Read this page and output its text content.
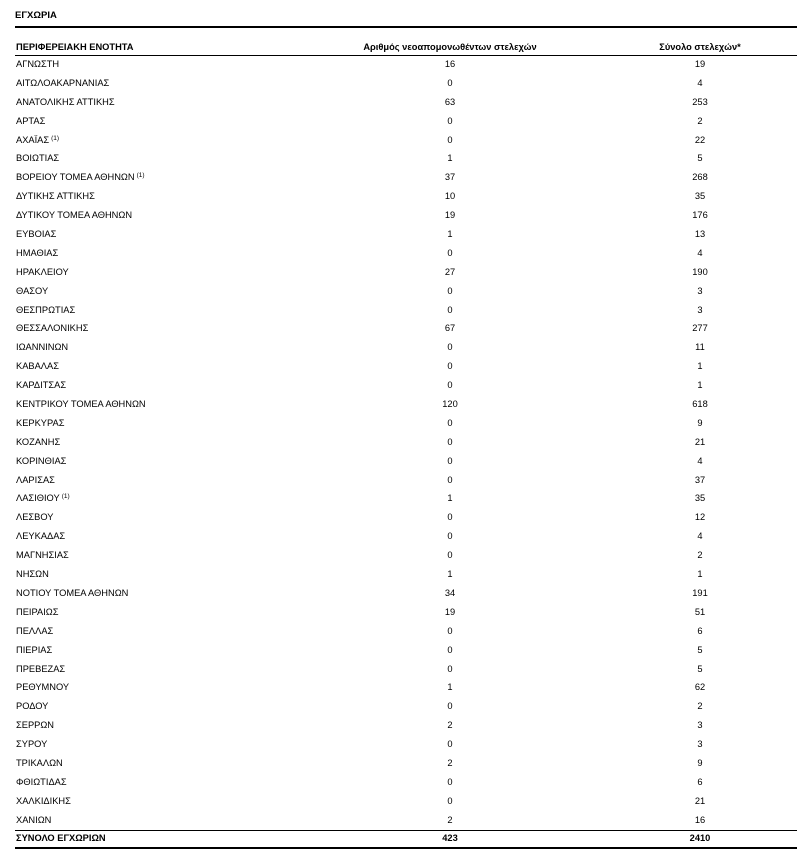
ΕΓΧΩΡΙΑ
ΠΕΡΙΦΕΡΕΙΑΚΗ ΕΝΟΤΗΤΑ	Αριθμός νεοαπομονωθέντων στελεχών	Σύνολο στελεχών*
ΑΓΝΩΣΤΗ	16	19
ΑΙΤΩΛΟΑΚΑΡΝΑΝΙΑΣ	0	4
ΑΝΑΤΟΛΙΚΗΣ ΑΤΤΙΚΗΣ	63	253
ΑΡΤΑΣ	0	2
ΑΧΑΪΑΣ $^{(1)}$	0	22
ΒΟΙΩΤΙΑΣ	1	5
ΒΟΡΕΙΟΥ ΤΟΜΕΑ ΑΘΗΝΩΝ $^{(1)}$	37	268
ΔΥΤΙΚΗΣ ΑΤΤΙΚΗΣ	10	35
ΔΥΤΙΚΟΥ ΤΟΜΕΑ ΑΘΗΝΩΝ	19	176
ΕΥΒΟΙΑΣ	1	13
ΗΜΑΘΙΑΣ	0	4
ΗΡΑΚΛΕΙΟΥ	27	190
ΘΑΣΟΥ	0	3
ΘΕΣΠΡΩΤΙΑΣ	0	3
ΘΕΣΣΑΛΟΝΙΚΗΣ	67	277
ΙΩΑΝΝΙΝΩΝ	0	11
ΚΑΒΑΛΑΣ	0	1
ΚΑΡΔΙΤΣΑΣ	0	1
ΚΕΝΤΡΙΚΟΥ ΤΟΜΕΑ ΑΘΗΝΩΝ	120	618
ΚΕΡΚΥΡΑΣ	0	9
ΚΟΖΑΝΗΣ	0	21
ΚΟΡΙΝΘΙΑΣ	0	4
ΛΑΡΙΣΑΣ	0	37
ΛΑΣΙΘΙΟΥ $^{(1)}$	1	35
ΛΕΣΒΟΥ	0	12
ΛΕΥΚΑΔΑΣ	0	4
ΜΑΓΝΗΣΙΑΣ	0	2
ΝΗΣΩΝ	1	1
ΝΟΤΙΟΥ ΤΟΜΕΑ ΑΘΗΝΩΝ	34	191
ΠΕΙΡΑΙΩΣ	19	51
ΠΕΛΛΑΣ	0	6
ΠΙΕΡΙΑΣ	0	5
ΠΡΕΒΕΖΑΣ	0	5
ΡΕΘΥΜΝΟΥ	1	62
ΡΟΔΟΥ	0	2
ΣΕΡΡΩΝ	2	3
ΣΥΡΟΥ	0	3
ΤΡΙΚΑΛΩΝ	2	9
ΦΘΙΩΤΙΔΑΣ	0	6
ΧΑΛΚΙΔΙΚΗΣ	0	21
ΧΑΝΙΩΝ	2	16
ΣΥΝΟΛΟ ΕΓΧΩΡΙΩΝ	423	2410
